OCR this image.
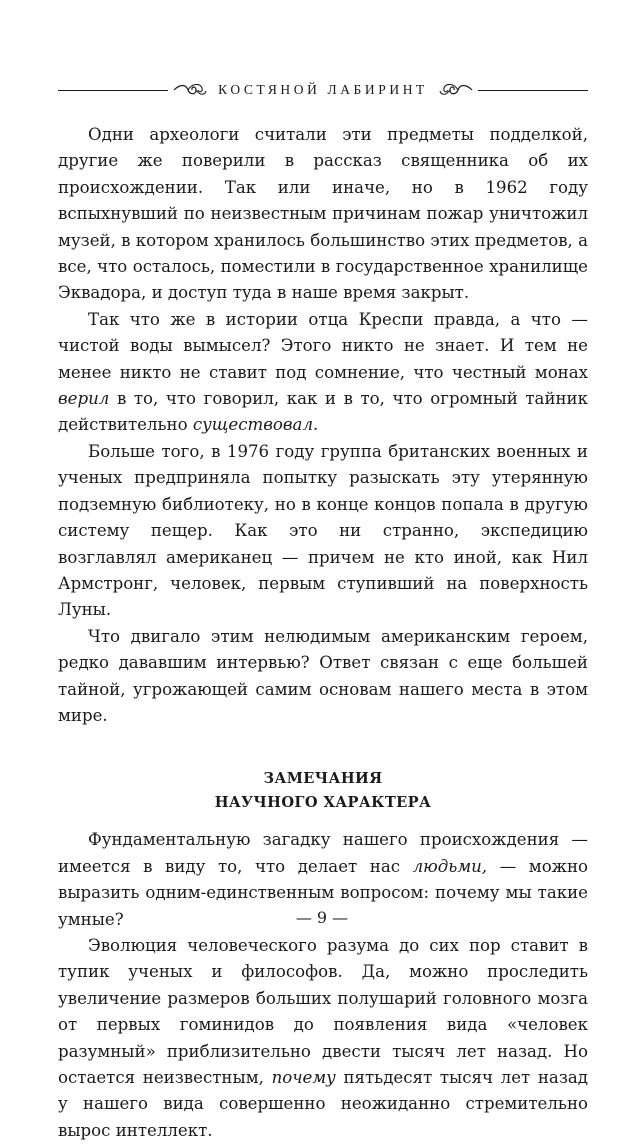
КОСТЯНОЙ ЛАБИРИНТ

Одни археологи считали эти предметы подделкой, другие же поверили в рассказ священника об их происхождении. Так или иначе, но в 1962 году вспыхнувший по неизвестным причинам пожар уничтожил музей, в котором хранилось большинство этих предметов, а все, что осталось, поместили в государственное хранилище Эквадора, и доступ туда в наше время закрыт.

Так что же в истории отца Креспи правда, а что — чистой воды вымысел? Этого никто не знает. И тем не менее никто не ставит под сомнение, что честный монах верил в то, что говорил, как и в то, что огромный тайник действительно существовал.

Больше того, в 1976 году группа британских военных и ученых предприняла попытку разыскать эту утерянную подземную библиотеку, но в конце концов попала в другую систему пещер. Как это ни странно, экспедицию возглавлял американец — причем не кто иной, как Нил Армстронг, человек, первым ступивший на поверхность Луны.

Что двигало этим нелюдимым американским героем, редко дававшим интервью? Ответ связан с еще большей тайной, угрожающей самим основам нашего места в этом мире.

ЗАМЕЧАНИЯ
НАУЧНОГО ХАРАКТЕРА

Фундаментальную загадку нашего происхождения — имеется в виду то, что делает нас людьми, — можно выразить одним-единственным вопросом: почему мы такие умные?

Эволюция человеческого разума до сих пор ставит в тупик ученых и философов. Да, можно проследить увеличение размеров больших полушарий головного мозга от первых гоминидов до появления вида «человек разумный» приблизительно двести тысяч лет назад. Но остается неизвестным, почему пятьдесят тысяч лет назад у нашего вида совершенно неожиданно стремительно вырос интеллект.

— 9 —
